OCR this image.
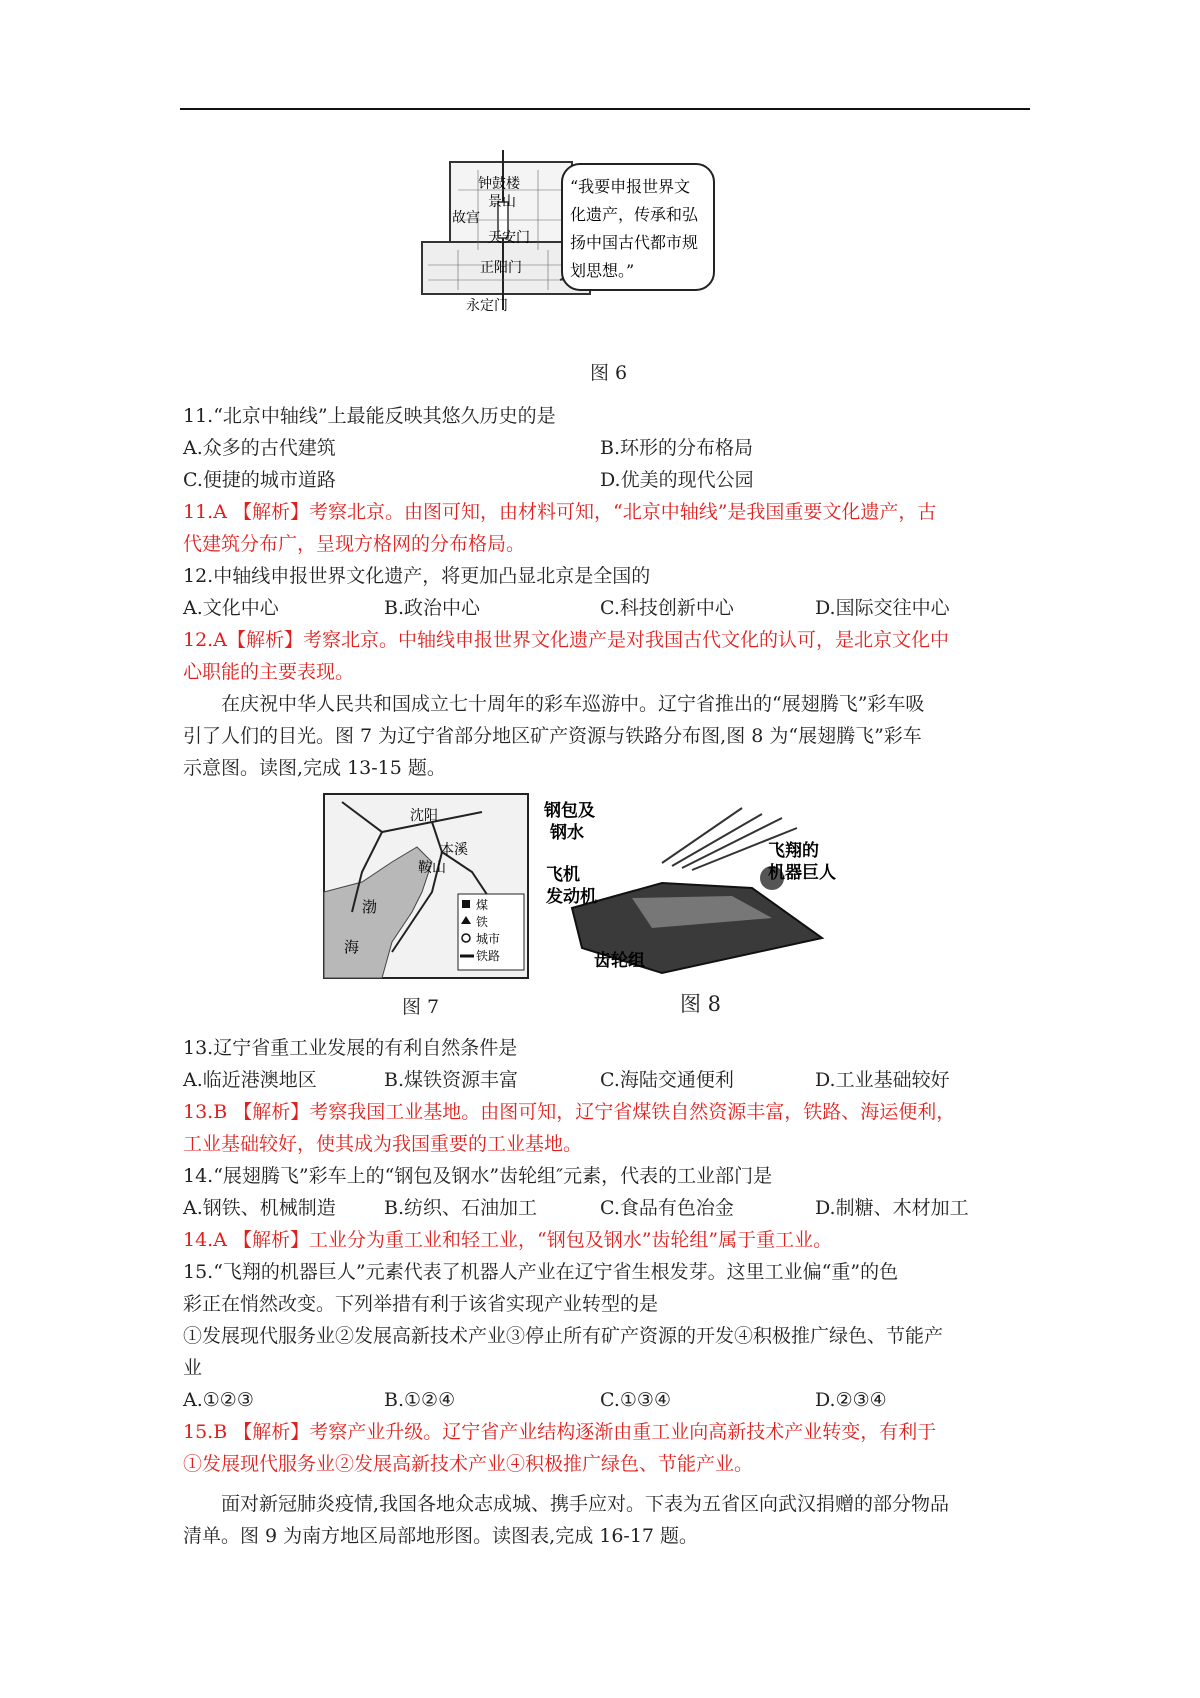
钟鼓楼
景山
故宫
天安门
正阳门
永定门
“我要申报世界文
化遗产，传承和弘
扬中国古代都市规
划思想。”
图 6
11.“北京中轴线”上最能反映其悠久历史的是
A.众多的古代建筑	B.环形的分布格局
C.便捷的城市道路	D.优美的现代公园
11.A 【解析】考察北京。由图可知，由材料可知，“北京中轴线”是我国重要文化遗产，古
代建筑分布广，呈现方格网的分布格局。
12.中轴线申报世界文化遗产，将更加凸显北京是全国的
A.文化中心	B.政治中心	C.科技创新中心	D.国际交往中心
12.A【解析】考察北京。中轴线申报世界文化遗产是对我国古代文化的认可，是北京文化中
心职能的主要表现。
在庆祝中华人民共和国成立七十周年的彩车巡游中。辽宁省推出的“展翅腾飞”彩车吸
引了人们的目光。图 7 为辽宁省部分地区矿产资源与铁路分布图,图 8 为“展翅腾飞”彩车
示意图。读图,完成 13-15 题。
沈阳
本溪
鞍山
渤
海
煤
铁
城市
铁路
图 7
钢包及
钢水
飞翔的
机器巨人
飞机
发动机
齿轮组
图 8
13.辽宁省重工业发展的有利自然条件是
A.临近港澳地区	B.煤铁资源丰富	C.海陆交通便利	D.工业基础较好
13.B 【解析】考察我国工业基地。由图可知，辽宁省煤铁自然资源丰富，铁路、海运便利，
工业基础较好，使其成为我国重要的工业基地。
14.“展翅腾飞”彩车上的“钢包及钢水”齿轮组″元素，代表的工业部门是
A.钢铁、机械制造	B.纺织、石油加工	C.食品有色冶金	D.制糖、木材加工
14.A 【解析】工业分为重工业和轻工业，“钢包及钢水”齿轮组”属于重工业。
15.“飞翔的机器巨人”元素代表了机器人产业在辽宁省生根发芽。这里工业偏“重”的色
彩正在悄然改变。下列举措有利于该省实现产业转型的是
①发展现代服务业②发展高新技术产业③停止所有矿产资源的开发④积极推广绿色、节能产
业
A.①②③	B.①②④	C.①③④	D.②③④
15.B 【解析】考察产业升级。辽宁省产业结构逐渐由重工业向高新技术产业转变，有利于
①发展现代服务业②发展高新技术产业④积极推广绿色、节能产业。
面对新冠肺炎疫情,我国各地众志成城、携手应对。下表为五省区向武汉捐赠的部分物品
清单。图 9 为南方地区局部地形图。读图表,完成 16-17 题。
